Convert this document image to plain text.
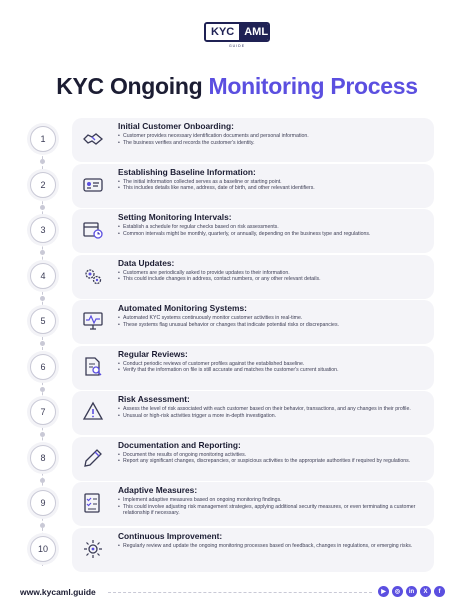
KYC AML
GUIDE
KYC Ongoing Monitoring Process
1
Initial Customer Onboarding:
• Customer provides necessary identification documents and personal information.
• The business verifies and records the customer's identity.
2
Establishing Baseline Information:
• The initial information collected serves as a baseline or starting point.
• This includes details like name, address, date of birth, and other relevant identifiers.
3
Setting Monitoring Intervals:
• Establish a schedule for regular checks based on risk assessments.
• Common intervals might be monthly, quarterly, or annually, depending on the business type and regulations.
4
Data Updates:
• Customers are periodically asked to provide updates to their information.
• This could include changes in address, contact numbers, or any other relevant details.
5
Automated Monitoring Systems:
• Automated KYC systems continuously monitor customer activities in real-time.
• These systems flag unusual behavior or changes that indicate potential risks or discrepancies.
6
Regular Reviews:
• Conduct periodic reviews of customer profiles against the established baseline.
• Verify that the information on file is still accurate and matches the customer's current situation.
7
Risk Assessment:
• Assess the level of risk associated with each customer based on their behavior, transactions, and any changes in their profile.
• Unusual or high-risk activities trigger a more in-depth investigation.
8
Documentation and Reporting:
• Document the results of ongoing monitoring activities.
• Report any significant changes, discrepancies, or suspicious activities to the appropriate authorities if required by regulations.
9
Adaptive Measures:
• Implement adaptive measures based on ongoing monitoring findings.
• This could involve adjusting risk management strategies, applying additional security measures, or even terminating a customer relationship if necessary.
10
Continuous Improvement:
• Regularly review and update the ongoing monitoring processes based on feedback, changes in regulations, or emerging risks.
www.kycaml.guide	▶	◎	in	X	f
